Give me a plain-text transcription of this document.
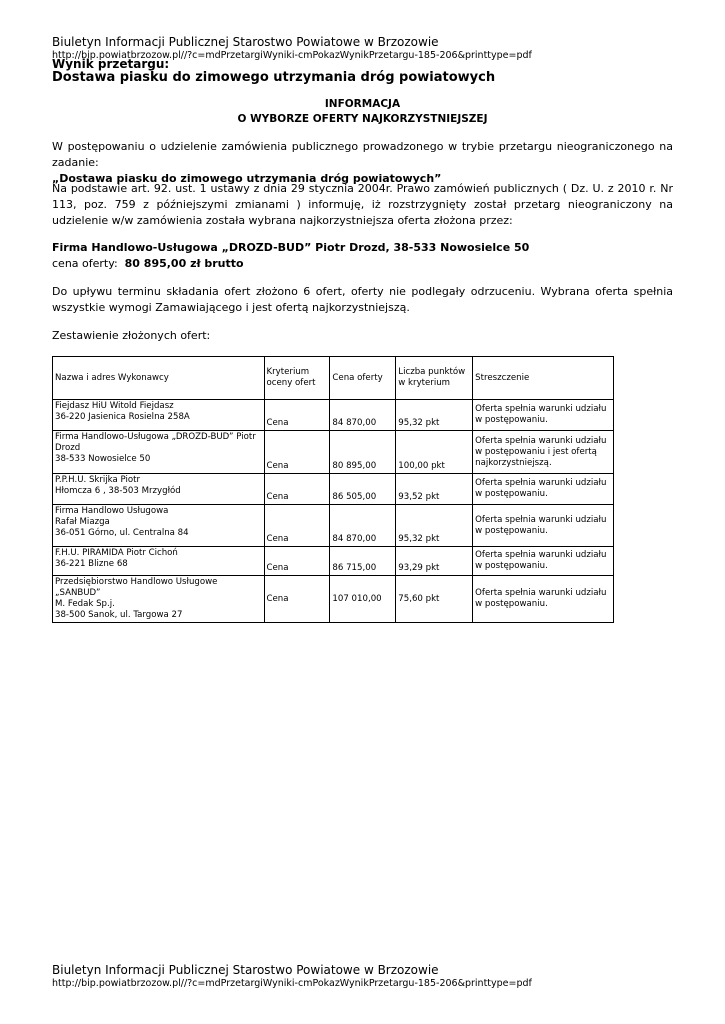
Biuletyn Informacji Publicznej Starostwo Powiatowe w Brzozowie
http://bip.powiatbrzozow.pl//?c=mdPrzetargiWyniki-cmPokazWynikPrzetargu-185-206&printtype=pdf
Wynik przetargu:
Dostawa piasku do zimowego utrzymania dróg powiatowych
INFORMACJA
O WYBORZE OFERTY NAJKORZYSTNIEJSZEJ
W postępowaniu o udzielenie zamówienia publicznego prowadzonego w trybie przetargu nieograniczonego na zadanie:
„Dostawa piasku do zimowego utrzymania dróg powiatowych”
Na podstawie art. 92. ust. 1 ustawy z dnia 29 stycznia 2004r. Prawo zamówień publicznych ( Dz. U. z 2010 r. Nr 113, poz. 759 z późniejszymi zmianami ) informuję, iż rozstrzygnięty został przetarg nieograniczony na udzielenie w/w zamówienia została wybrana najkorzystniejsza oferta złożona przez:
Firma Handlowo-Usługowa „DROZD-BUD” Piotr Drozd, 38-533 Nowosielce 50
cena oferty: 80 895,00 zł brutto
Do upływu terminu składania ofert złożono 6 ofert, oferty nie podlegały odrzuceniu. Wybrana oferta spełnia wszystkie wymogi Zamawiającego i jest ofertą najkorzystniejszą.
Zestawienie złożonych ofert:
Nazwa i adres Wykonawcy	Kryterium oceny ofert	Cena oferty	Liczba punktów w kryterium	Streszczenie

Fiejdasz HiU Witold Fiejdasz
36-220 Jasienica Rosielna 258A	Cena	84 870,00	95,32 pkt	Oferta spełnia warunki udziału w postępowaniu.

Firma Handlowo-Usługowa „DROZD-BUD” Piotr Drozd
38-533 Nowosielce 50	Cena	80 895,00	100,00 pkt	Oferta spełnia warunki udziału w postępowaniu i jest ofertą najkorzystniejszą.

P.P.H.U. Skrijka Piotr
Hłomcza 6 , 38-503 Mrzygłód	Cena	86 505,00	93,52 pkt	Oferta spełnia warunki udziału w postępowaniu.

Firma Handlowo Usługowa
Rafał Miazga
36-051 Górno, ul. Centralna 84	Cena	84 870,00	95,32 pkt	Oferta spełnia warunki udziału w postępowaniu.

F.H.U. PIRAMIDA Piotr Cichoń
36-221 Blizne 68	Cena	86 715,00	93,29 pkt	Oferta spełnia warunki udziału w postępowaniu.

Przedsiębiorstwo Handlowo Usługowe „SANBUD”
M. Fedak Sp.j.
38-500 Sanok, ul. Targowa 27	Cena	107 010,00	75,60 pkt	Oferta spełnia warunki udziału w postępowaniu.
Biuletyn Informacji Publicznej Starostwo Powiatowe w Brzozowie
http://bip.powiatbrzozow.pl//?c=mdPrzetargiWyniki-cmPokazWynikPrzetargu-185-206&printtype=pdf
